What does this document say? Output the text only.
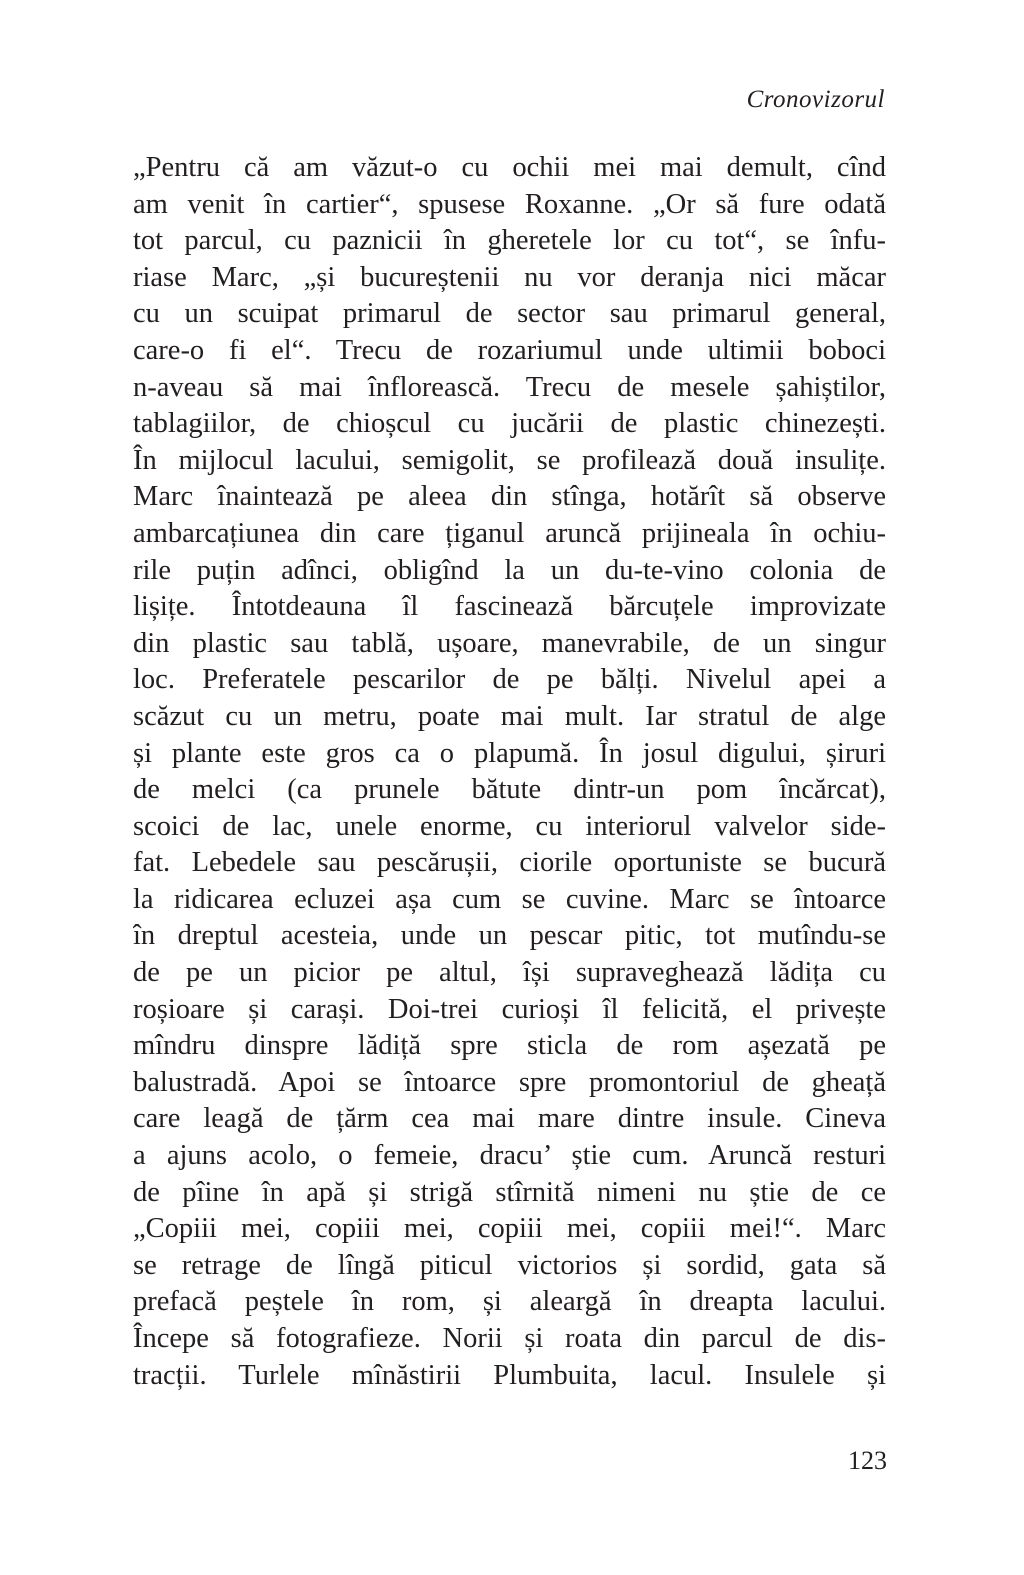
Cronovizorul
„Pentru că am văzut-o cu ochii mei mai demult, cînd
am venit în cartier“, spusese Roxanne. „Or să fure odată
tot parcul, cu paznicii în gheretele lor cu tot“, se înfu-
riase Marc, „și bucureștenii nu vor deranja nici măcar
cu un scuipat primarul de sector sau primarul general,
care-o fi el“. Trecu de rozariumul unde ultimii boboci
n-aveau să mai înflorească. Trecu de mesele șahiștilor,
tablagiilor, de chioșcul cu jucării de plastic chinezești.
În mijlocul lacului, semigolit, se profilează două insulițe.
Marc înaintează pe aleea din stînga, hotărît să observe
ambarcațiunea din care țiganul aruncă prijineala în ochiu-
rile puțin adînci, obligînd la un du-te-vino colonia de
lișițe. Întotdeauna îl fascinează bărcuțele improvizate
din plastic sau tablă, ușoare, manevrabile, de un singur
loc. Preferatele pescarilor de pe bălți. Nivelul apei a
scăzut cu un metru, poate mai mult. Iar stratul de alge
și plante este gros ca o plapumă. În josul digului, șiruri
de melci (ca prunele bătute dintr-un pom încărcat),
scoici de lac, unele enorme, cu interiorul valvelor side-
fat. Lebedele sau pescărușii, ciorile oportuniste se bucură
la ridicarea ecluzei așa cum se cuvine. Marc se întoarce
în dreptul acesteia, unde un pescar pitic, tot mutîndu-se
de pe un picior pe altul, își supraveghează lădița cu
roșioare și carași. Doi-trei curioși îl felicită, el privește
mîndru dinspre lădiță spre sticla de rom așezată pe
balustradă. Apoi se întoarce spre promontoriul de gheață
care leagă de țărm cea mai mare dintre insule. Cineva
a ajuns acolo, o femeie, dracu’ știe cum. Aruncă resturi
de pîine în apă și strigă stîrnită nimeni nu știe de ce
„Copiii mei, copiii mei, copiii mei, copiii mei!“. Marc
se retrage de lîngă piticul victorios și sordid, gata să
prefacă peștele în rom, și aleargă în dreapta lacului.
Începe să fotografieze. Norii și roata din parcul de dis-
tracții. Turlele mînăstirii Plumbuita, lacul. Insulele și
123
